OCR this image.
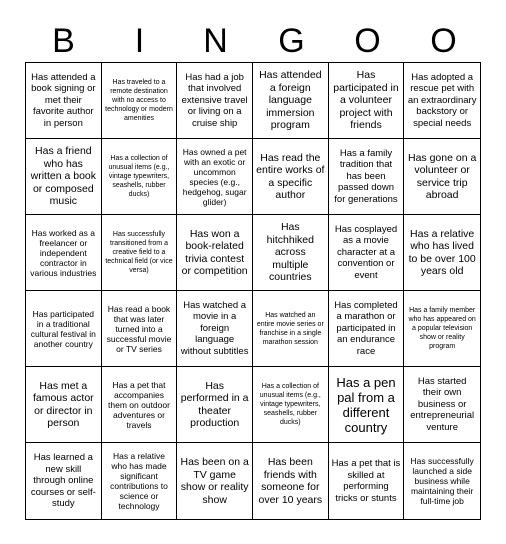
B	I	N	G	O	O
Has attended a book signing or met their favorite author in person
Has traveled to a remote destination with no access to technology or modern amenities
Has had a job that involved extensive travel or living on a cruise ship
Has attended a foreign language immersion program
Has participated in a volunteer project with friends
Has adopted a rescue pet with an extraordinary backstory or special needs
Has a friend who has written a book or composed music
Has a collection of unusual items (e.g., vintage typewriters, seashells, rubber ducks)
Has owned a pet with an exotic or uncommon species (e.g., hedgehog, sugar glider)
Has read the entire works of a specific author
Has a family tradition that has been passed down for generations
Has gone on a volunteer or service trip abroad
Has worked as a freelancer or independent contractor in various industries
Has successfully transitioned from a creative field to a technical field (or vice versa)
Has won a book-related trivia contest or competition
Has hitchhiked across multiple countries
Has cosplayed as a movie character at a convention or event
Has a relative who has lived to be over 100 years old
Has participated in a traditional cultural festival in another country
Has read a book that was later turned into a successful movie or TV series
Has watched a movie in a foreign language without subtitles
Has watched an entire movie series or franchise in a single marathon session
Has completed a marathon or participated in an endurance race
Has a family member who has appeared on a popular television show or reality program
Has met a famous actor or director in person
Has a pet that accompanies them on outdoor adventures or travels
Has performed in a theater production
Has a collection of unusual items (e.g., vintage typewriters, seashells, rubber ducks)
Has a pen pal from a different country
Has started their own business or entrepreneurial venture
Has learned a new skill through online courses or self-study
Has a relative who has made significant contributions to science or technology
Has been on a TV game show or reality show
Has been friends with someone for over 10 years
Has a pet that is skilled at performing tricks or stunts
Has successfully launched a side business while maintaining their full-time job
